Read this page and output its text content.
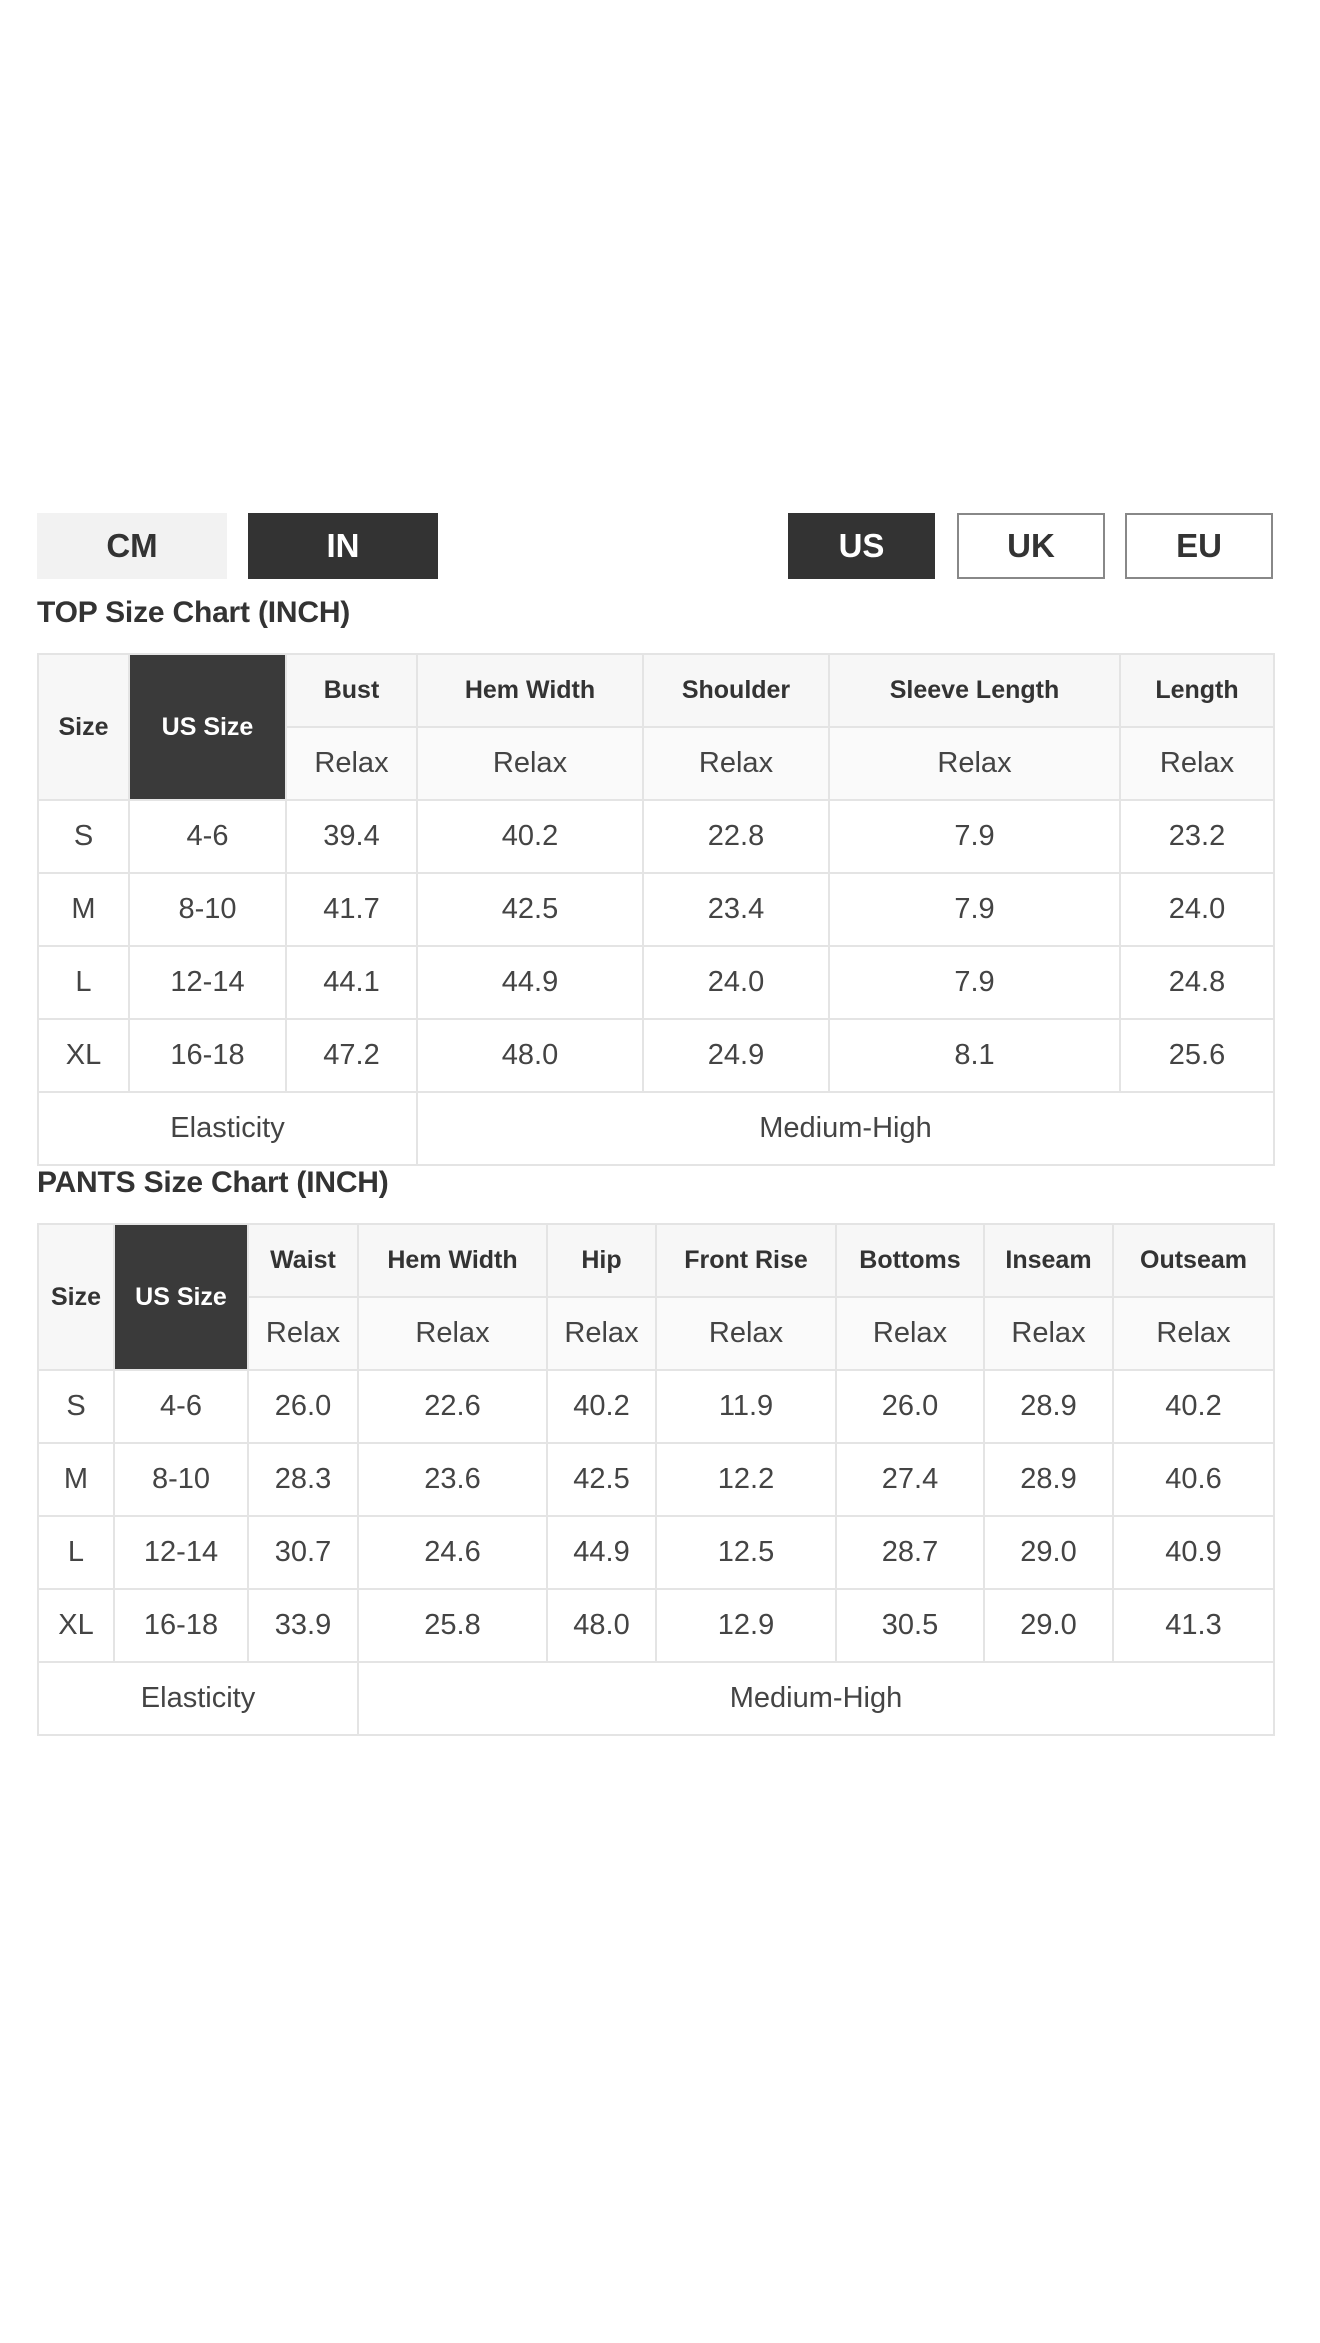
CM	IN	US	UK	EU
TOP Size Chart (INCH)
Size	US Size	Bust	Hem Width	Shoulder	Sleeve Length	Length
		Relax	Relax	Relax	Relax	Relax
S	4-6	39.4	40.2	22.8	7.9	23.2
M	8-10	41.7	42.5	23.4	7.9	24.0
L	12-14	44.1	44.9	24.0	7.9	24.8
XL	16-18	47.2	48.0	24.9	8.1	25.6
Elasticity			Medium-High			
PANTS Size Chart (INCH)
Size	US Size	Waist	Hem Width	Hip	Front Rise	Bottoms	Inseam	Outseam
		Relax	Relax	Relax	Relax	Relax	Relax	Relax
S	4-6	26.0	22.6	40.2	11.9	26.0	28.9	40.2
M	8-10	28.3	23.6	42.5	12.2	27.4	28.9	40.6
L	12-14	30.7	24.6	44.9	12.5	28.7	29.0	40.9
XL	16-18	33.9	25.8	48.0	12.9	30.5	29.0	41.3
Elasticity			Medium-High					
